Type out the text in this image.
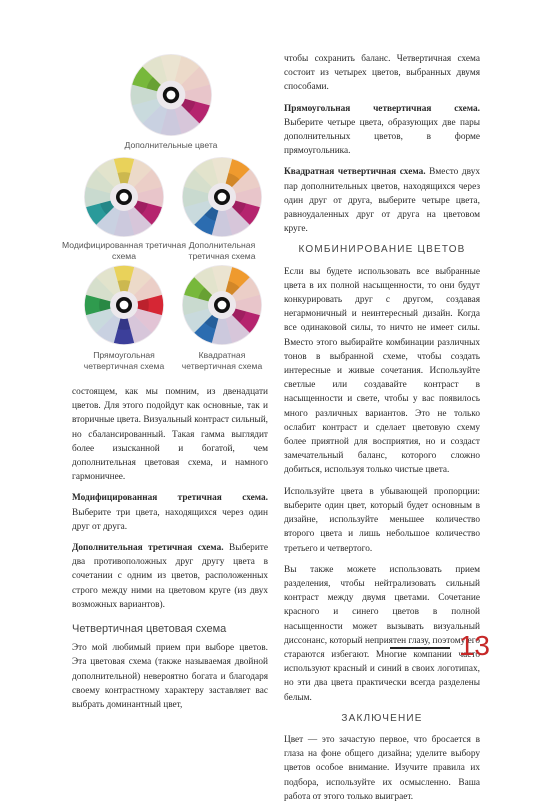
Дополнительные цвета
Модифицированная третичная схема
Дополнительная третичная схема
Прямоугольная четвертичная схема
Квадратная четвертичная схема

состоящем, как мы помним, из двенадцати цветов. Для этого подойдут как основные, так и вторичные цвета. Визуальный контраст сильный, но сбалансированный. Такая гамма выглядит более изысканной и богатой, чем дополнительная цветовая схема, и намного гармоничнее.

Модифицированная третичная схема. Выберите три цвета, находящихся через один друг от друга.

Дополнительная третичная схема. Выберите два противоположных друг другу цвета в сочетании с одним из цветов, расположенных строго между ними на цветовом круге (из двух возможных вариантов).

Четвертичная цветовая схема

Это мой любимый прием при выборе цветов. Эта цветовая схема (также называемая двойной дополнительной) невероятно богата и благодаря своему контрастному характеру заставляет вас выбрать доминантный цвет,

чтобы сохранить баланс. Четвертичная схема состоит из четырех цветов, выбранных двумя способами.

Прямоугольная четвертичная схема. Выберите четыре цвета, образующих две пары дополнительных цветов, в форме прямоугольника.

Квадратная четвертичная схема. Вместо двух пар дополнительных цветов, находящихся через один друг от друга, выберите четыре цвета, равноудаленных друг от друга на цветовом круге.

КОМБИНИРОВАНИЕ ЦВЕТОВ

Если вы будете использовать все выбранные цвета в их полной насыщенности, то они будут конкурировать друг с другом, создавая негармоничный и неинтересный дизайн. Когда все одинаковой силы, то ничто не имеет силы. Вместо этого выбирайте комбинации различных тонов в выбранной схеме, чтобы создать интересные и живые сочетания. Используйте светлые или создавайте контраст в насыщенности и свете, чтобы у вас появилось много различных вариантов. Это не только ослабит контраст и сделает цветовую схему более приятной для восприятия, но и создаст замечательный баланс, которого сложно добиться, используя только чистые цвета.

Используйте цвета в убывающей пропорции: выберите один цвет, который будет основным в дизайне, используйте меньшее количество второго цвета и лишь небольшое количество третьего и четвертого.

Вы также можете использовать прием разделения, чтобы нейтрализовать сильный контраст между двумя цветами. Сочетание красного и синего цветов в полной насыщенности может вызывать визуальный диссонанс, который неприятен глазу, поэтому его стараются избегают. Многие компании часто используют красный и синий в своих логотипах, но эти два цвета практически всегда разделены белым.

ЗАКЛЮЧЕНИЕ

Цвет — это зачастую первое, что бросается в глаза на фоне общего дизайна; уделите выбору цветов особое внимание. Изучите правила их подбора, используйте их осмысленно. Ваша работа от этого только выиграет.

13
